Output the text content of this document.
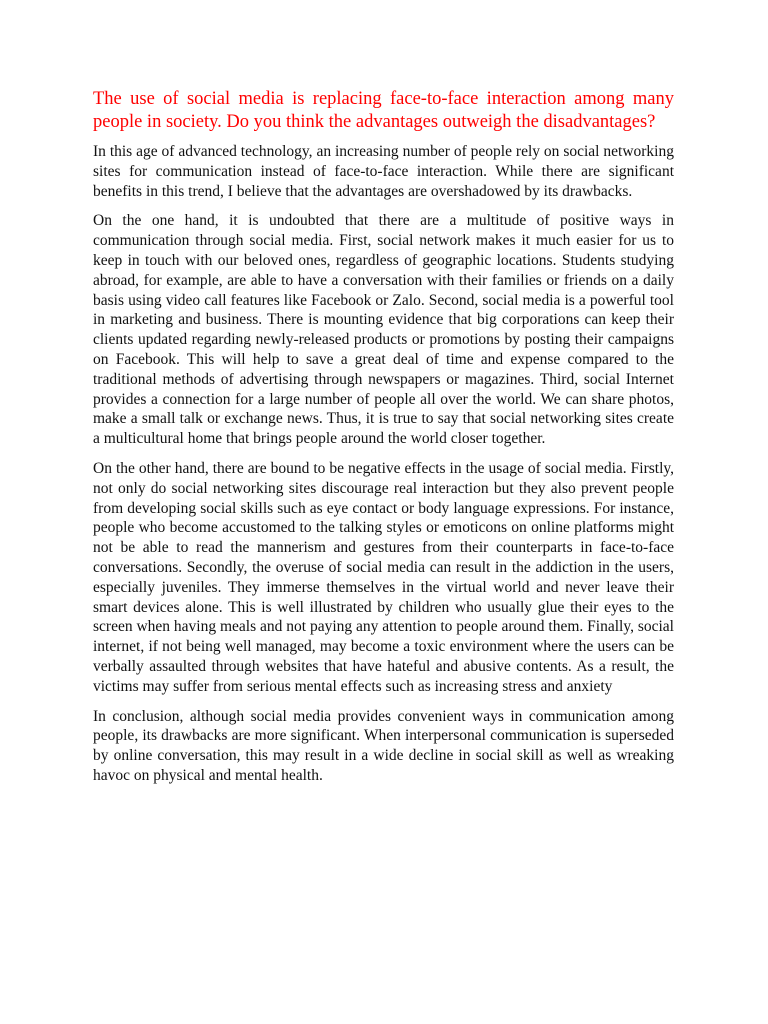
The use of social media is replacing face-to-face interaction among many people in society. Do you think the advantages outweigh the disadvantages?

In this age of advanced technology, an increasing number of people rely on social networking sites for communication instead of face-to-face interaction. While there are significant benefits in this trend, I believe that the advantages are overshadowed by its drawbacks.

On the one hand, it is undoubted that there are a multitude of positive ways in communication through social media. First, social network makes it much easier for us to keep in touch with our beloved ones, regardless of geographic locations. Students studying abroad, for example, are able to have a conversation with their families or friends on a daily basis using video call features like Facebook or Zalo. Second, social media is a powerful tool in marketing and business. There is mounting evidence that big corporations can keep their clients updated regarding newly-released products or promotions by posting their campaigns on Facebook. This will help to save a great deal of time and expense compared to the traditional methods of advertising through newspapers or magazines. Third, social Internet provides a connection for a large number of people all over the world. We can share photos, make a small talk or exchange news. Thus, it is true to say that social networking sites create a multicultural home that brings people around the world closer together.

On the other hand, there are bound to be negative effects in the usage of social media. Firstly, not only do social networking sites discourage real interaction but they also prevent people from developing social skills such as eye contact or body language expressions. For instance, people who become accustomed to the talking styles or emoticons on online platforms might not be able to read the mannerism and gestures from their counterparts in face-to-face conversations. Secondly, the overuse of social media can result in the addiction in the users, especially juveniles. They immerse themselves in the virtual world and never leave their smart devices alone. This is well illustrated by children who usually glue their eyes to the screen when having meals and not paying any attention to people around them. Finally, social internet, if not being well managed, may become a toxic environment where the users can be verbally assaulted through websites that have hateful and abusive contents. As a result, the victims may suffer from serious mental effects such as increasing stress and anxiety

In conclusion, although social media provides convenient ways in communication among people, its drawbacks are more significant. When interpersonal communication is superseded by online conversation, this may result in a wide decline in social skill as well as wreaking havoc on physical and mental health.
